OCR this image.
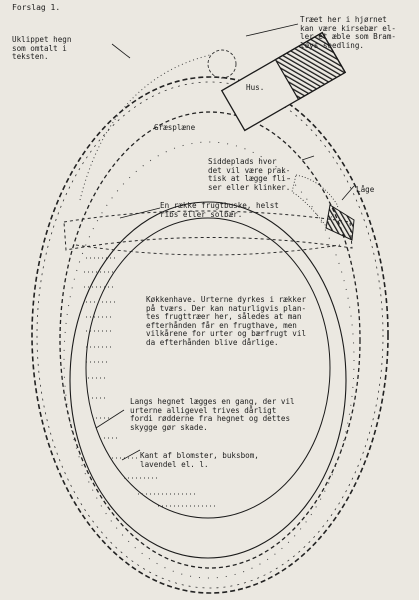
Forslag 1.
Uklippet hegn
som omtalt i
teksten.
Træet her i hjørnet
kan være kirsebær el-
ler et æble som Bram-
leys seedling.
Hus.
Græsplæne
Siddeplads hvor
det vil være prak-
tisk at lægge fli-
ser eller klinker.	Låge
En række frugtbuske, helst
ribs eller solbær.
Køkkenhave. Urterne dyrkes i rækker
på tværs. Der kan naturligvis plan-
tes frugttræer her, således at man
efterhånden får en frugthave, men
vilkårene for urter og bærfrugt vil
da efterhånden blive dårlige.
Langs hegnet lægges en gang, der vil
urterne alligevel trives dårligt
fordi rødderne fra hegnet og dettes
skygge gør skade.
Kant af blomster, buksbom,
lavendel el. l.
